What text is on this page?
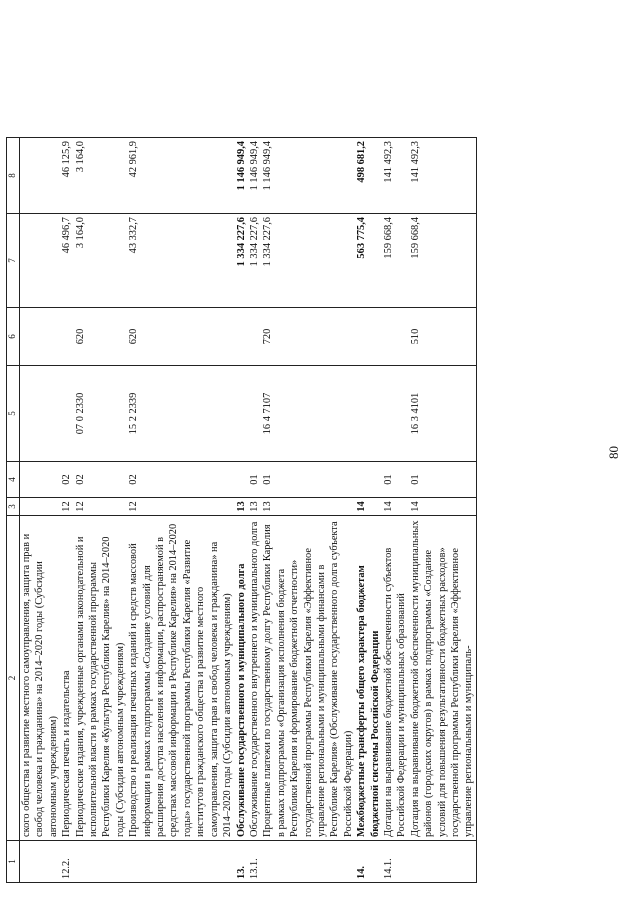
1	2	3	4	5	6	7	8
	ского общества и развитие местного самоуправления, защита прав и свобод человека и гражданина» на 2014–2020 годы (Субсидии автономным учреждениям)						
12.2.	Периодическая печать и издательства	12	02			46 496,7	46 125,9
	Периодические издания, учрежденные органами законодательной и исполнительной власти в рамках государственной программы Республики Карелия «Культура Республики Карелия» на 2014–2020 годы (Субсидии автономным учреждениям)	12	02	07 0 2330	620	3 164,0	3 164,0
	Производство и реализация печатных изданий и средств массовой информации в рамках подпрограммы «Создание условий для расширения доступа населения к информации, распространяемой в средствах массовой информации в Республике Карелия» на 2014–2020 годы» государственной программы Республики Карелия «Развитие институтов гражданского общества и развитие местного самоуправления, защита прав и свобод человека и гражданина» на 2014–2020 годы (Субсидии автономным учреждениям)	12	02	15 2 2339	620	43 332,7	42 961,9
13.	Обслуживание государственного и муниципального долга	13				1 334 227,6	1 146 949,4
13.1.	Обслуживание государственного внутреннего и муниципального долга	13	01			1 334 227,6	1 146 949,4
	Процентные платежи по государственному долгу Республики Карелия в рамках подпрограммы «Организация исполнения бюджета Республики Карелия и формирование бюджетной отчетности» государственной программы Республики Карелия «Эффективное управление региональными и муниципальными финансами в Республике Карелия» (Обслуживание государственного долга субъекта Российской Федерации)	13	01	16 4 7107	720	1 334 227,6	1 146 949,4
14.	Межбюджетные трансферты общего характера бюджетам бюджетной системы Российской Федерации	14				563 775,4	498 681,2
14.1.	Дотации на выравнивание бюджетной обеспеченности субъектов Российской Федерации и муниципальных образований	14	01			159 668,4	141 492,3
	Дотация на выравнивание бюджетной обеспеченности муниципальных районов (городских округов) в рамках подпрограммы «Создание условий для повышения результативности бюджетных расходов» государственной программы Республики Карелия «Эффективное управление региональными и муниципаль-	14	01	16 3 4101	510	159 668,4	141 492,3
80
